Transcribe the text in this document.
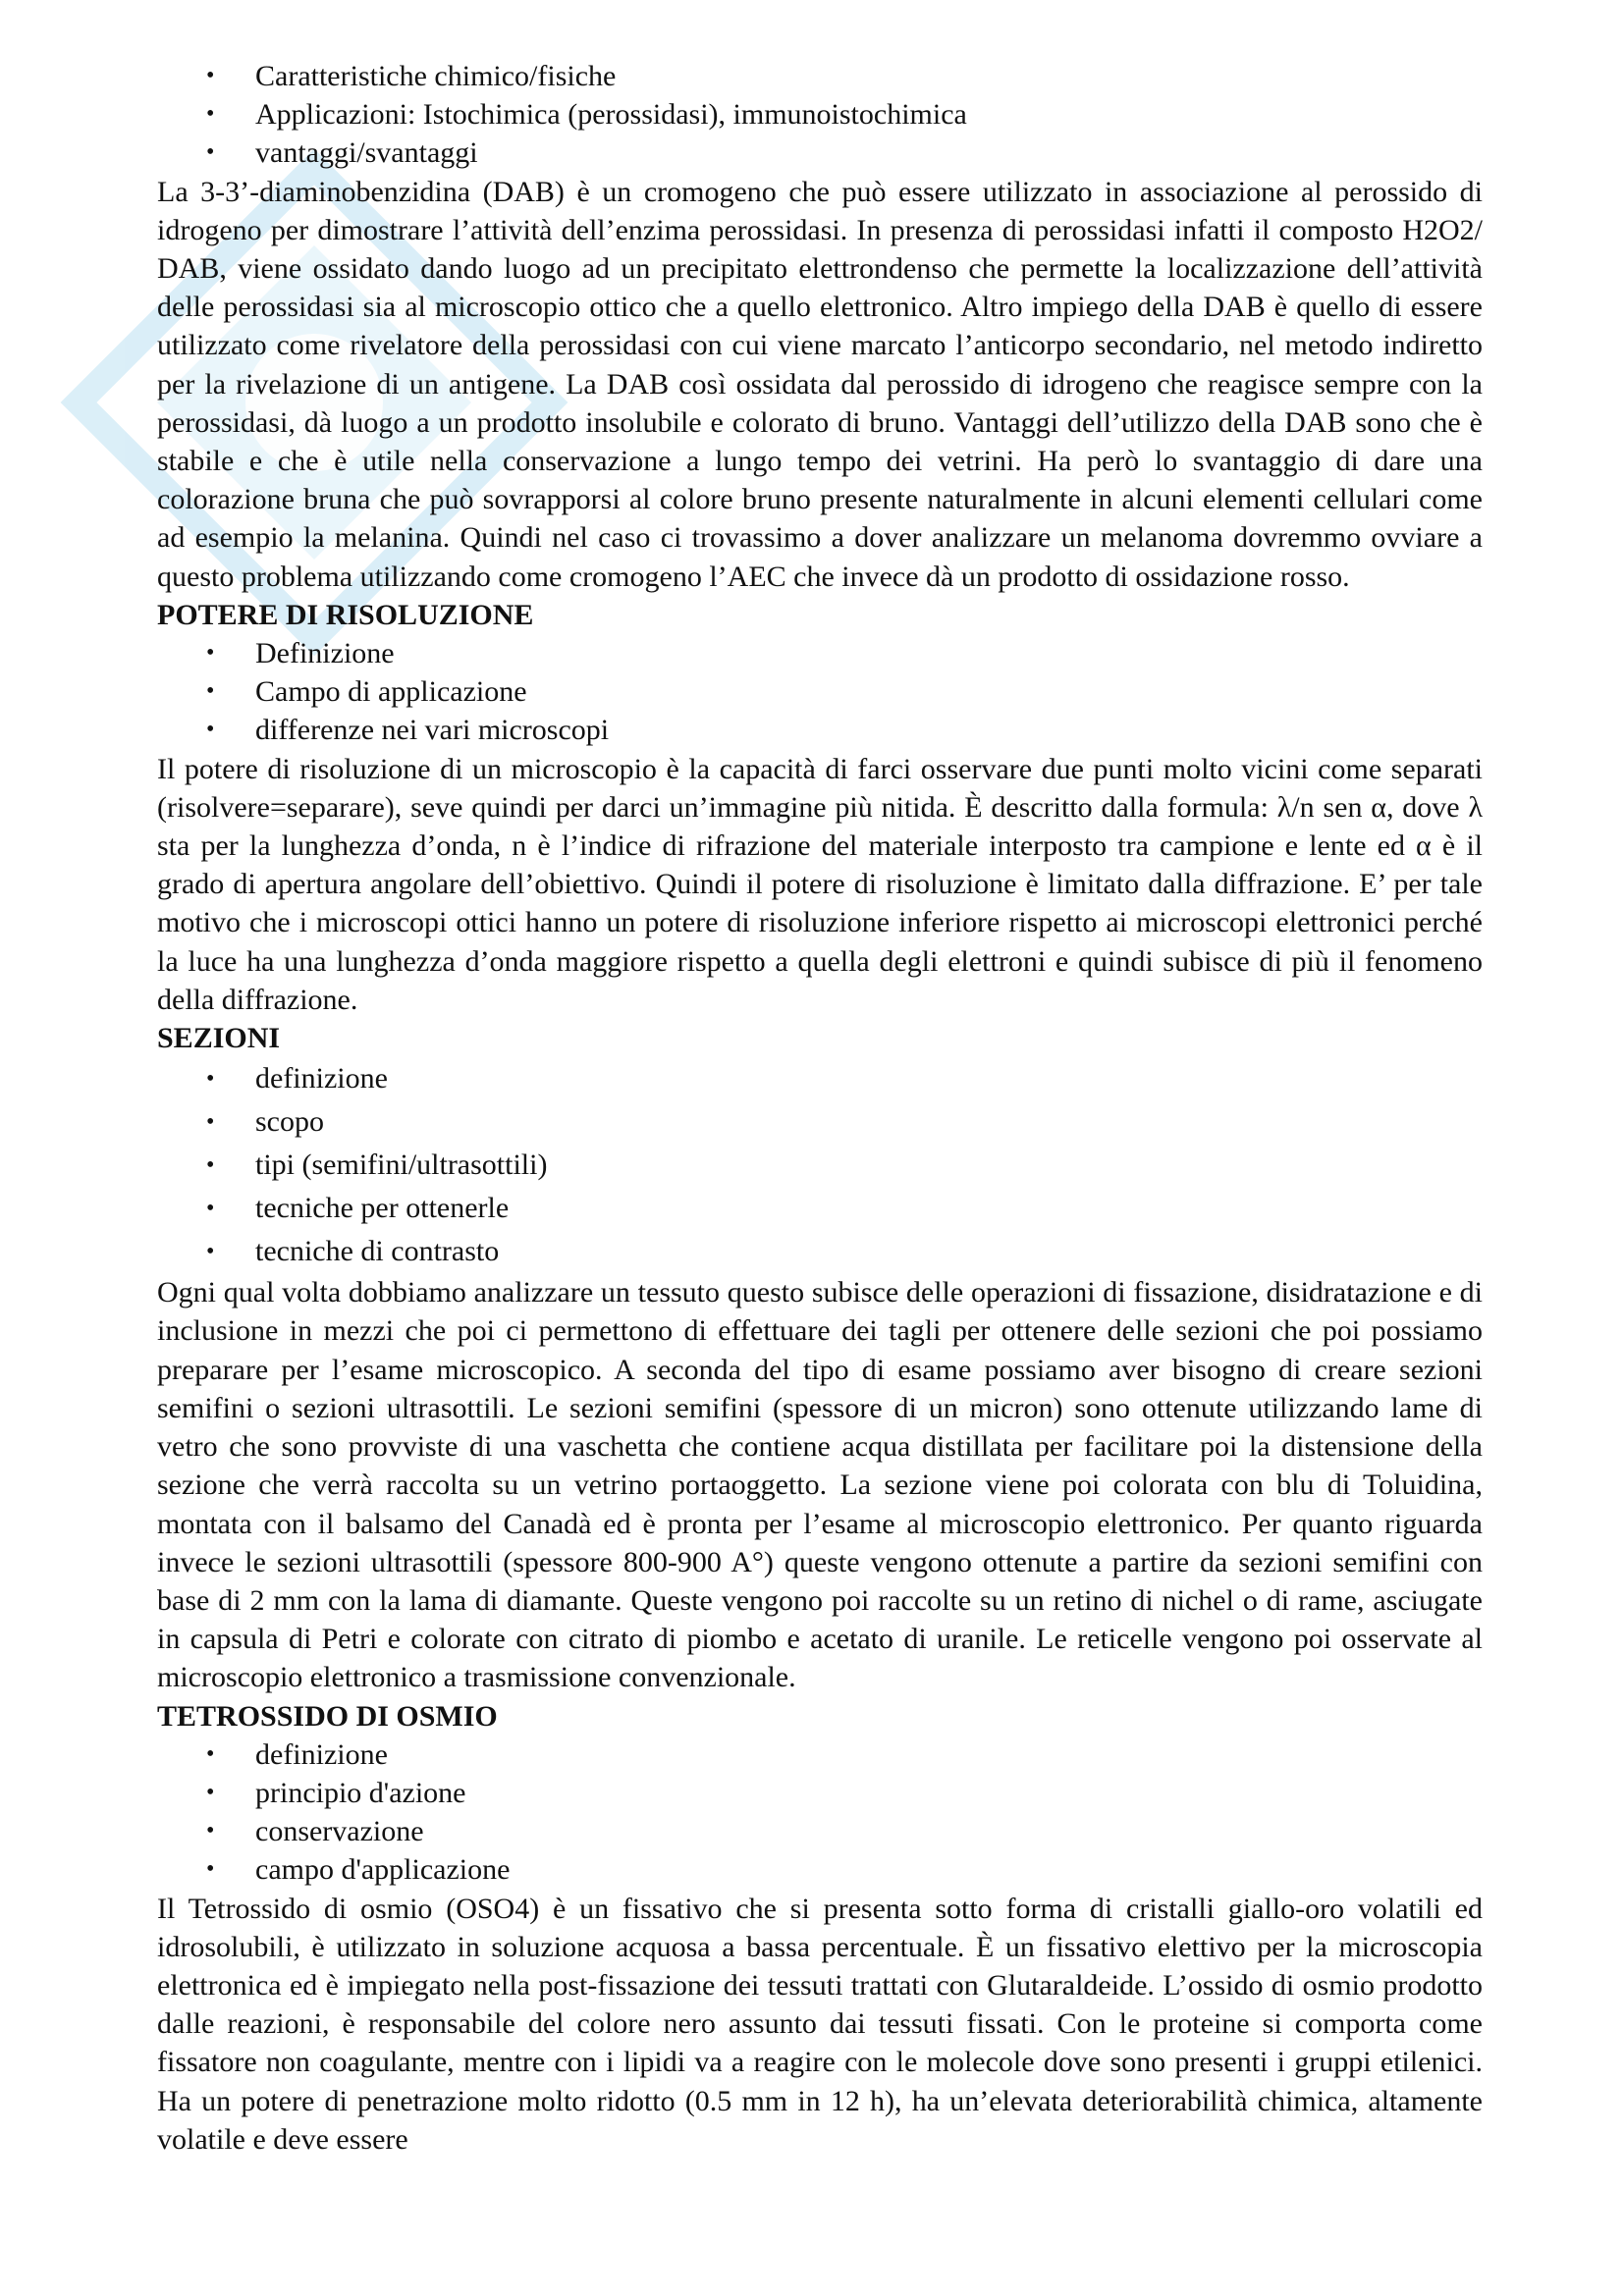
• Caratteristiche chimico/fisiche
• Applicazioni: Istochimica (perossidasi), immunoistochimica
• vantaggi/svantaggi

La 3-3’-diaminobenzidina (DAB) è un cromogeno che può essere utilizzato in associazione al perossido di idrogeno per dimostrare l’attività dell’enzima perossidasi. In presenza di perossidasi infatti il composto H2O2/ DAB, viene ossidato dando luogo ad un precipitato elettrondenso che permette la localizzazione dell’attività delle perossidasi sia al microscopio ottico che a quello elettronico. Altro impiego della DAB è quello di essere utilizzato come rivelatore della perossidasi con cui viene marcato l’anticorpo secondario, nel metodo indiretto per la rivelazione di un antigene. La DAB così ossidata dal perossido di idrogeno che reagisce sempre con la perossidasi, dà luogo a un prodotto insolubile e colorato di bruno. Vantaggi dell’utilizzo della DAB sono che è stabile e che è utile nella conservazione a lungo tempo dei vetrini. Ha però lo svantaggio di dare una colorazione bruna che può sovrapporsi al colore bruno presente naturalmente in alcuni elementi cellulari come ad esempio la melanina. Quindi nel caso ci trovassimo a dover analizzare un melanoma dovremmo ovviare a questo problema utilizzando come cromogeno l’AEC che invece dà un prodotto di ossidazione rosso.

POTERE DI RISOLUZIONE
• Definizione
• Campo di applicazione
• differenze nei vari microscopi

Il potere di risoluzione di un microscopio è la capacità di farci osservare due punti molto vicini come separati (risolvere=separare), seve quindi per darci un’immagine più nitida. È descritto dalla formula: λ/n sen α, dove λ sta per la lunghezza d’onda, n è l’indice di rifrazione del materiale interposto tra campione e lente ed α è il grado di apertura angolare dell’obiettivo. Quindi il potere di risoluzione è limitato dalla diffrazione. E’ per tale motivo che i microscopi ottici hanno un potere di risoluzione inferiore rispetto ai microscopi elettronici perché la luce ha una lunghezza d’onda maggiore rispetto a quella degli elettroni e quindi subisce di più il fenomeno della diffrazione.

SEZIONI
• definizione
• scopo
• tipi (semifini/ultrasottili)
• tecniche per ottenerle
• tecniche di contrasto

Ogni qual volta dobbiamo analizzare un tessuto questo subisce delle operazioni di fissazione, disidratazione e di inclusione in mezzi che poi ci permettono di effettuare dei tagli per ottenere delle sezioni che poi possiamo preparare per l’esame microscopico. A seconda del tipo di esame possiamo aver bisogno di creare sezioni semifini o sezioni ultrasottili. Le sezioni semifini (spessore di un micron) sono ottenute utilizzando lame di vetro che sono provviste di una vaschetta che contiene acqua distillata per facilitare poi la distensione della sezione che verrà raccolta su un vetrino portaoggetto. La sezione viene poi colorata con blu di Toluidina, montata con il balsamo del Canadà ed è pronta per l’esame al microscopio elettronico. Per quanto riguarda invece le sezioni ultrasottili (spessore 800-900 A°) queste vengono ottenute a partire da sezioni semifini con base di 2 mm con la lama di diamante. Queste vengono poi raccolte su un retino di nichel o di rame, asciugate in capsula di Petri e colorate con citrato di piombo e acetato di uranile. Le reticelle vengono poi osservate al microscopio elettronico a trasmissione convenzionale.

TETROSSIDO DI OSMIO
• definizione
• principio d'azione
• conservazione
• campo d'applicazione

Il Tetrossido di osmio (OSO4) è un fissativo che si presenta sotto forma di cristalli giallo-oro volatili ed idrosolubili, è utilizzato in soluzione acquosa a bassa percentuale. È un fissativo elettivo per la microscopia elettronica ed è impiegato nella post-fissazione dei tessuti trattati con Glutaraldeide. L’ossido di osmio prodotto dalle reazioni, è responsabile del colore nero assunto dai tessuti fissati. Con le proteine si comporta come fissatore non coagulante, mentre con i lipidi va a reagire con le molecole dove sono presenti i gruppi etilenici. Ha un potere di penetrazione molto ridotto (0.5 mm in 12 h), ha un’elevata deteriorabilità chimica, altamente volatile e deve essere
